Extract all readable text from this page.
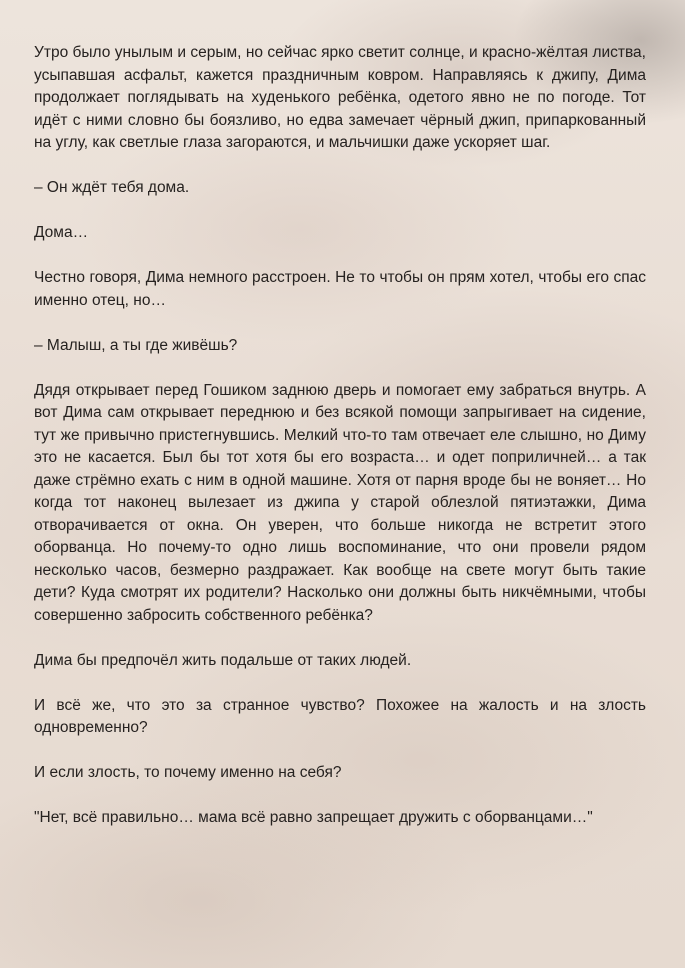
Утро было унылым и серым, но сейчас ярко светит солнце, и красно-жёлтая листва, усыпавшая асфальт, кажется праздничным ковром. Направляясь к джипу, Дима продолжает поглядывать на худенького ребёнка, одетого явно не по погоде. Тот идёт с ними словно бы боязливо, но едва замечает чёрный джип, припаркованный на углу, как светлые глаза загораются, и мальчишки даже ускоряет шаг.

– Он ждёт тебя дома.

Дома…

Честно говоря, Дима немного расстроен. Не то чтобы он прям хотел, чтобы его спас именно отец, но…

– Малыш, а ты где живёшь?

Дядя открывает перед Гошиком заднюю дверь и помогает ему забраться внутрь. А вот Дима сам открывает переднюю и без всякой помощи запрыгивает на сидение, тут же привычно пристегнувшись. Мелкий что-то там отвечает еле слышно, но Диму это не касается. Был бы тот хотя бы его возраста… и одет поприличней… а так даже стрёмно ехать с ним в одной машине. Хотя от парня вроде бы не воняет… Но когда тот наконец вылезает из джипа у старой облезлой пятиэтажки, Дима отворачивается от окна. Он уверен, что больше никогда не встретит этого оборванца. Но почему-то одно лишь воспоминание, что они провели рядом несколько часов, безмерно раздражает. Как вообще на свете могут быть такие дети? Куда смотрят их родители? Насколько они должны быть никчёмными, чтобы совершенно забросить собственного ребёнка?

Дима бы предпочёл жить подальше от таких людей.

И всё же, что это за странное чувство? Похожее на жалость и на злость одновременно?

И если злость, то почему именно на себя?

"Нет, всё правильно… мама всё равно запрещает дружить с оборванцами…"
